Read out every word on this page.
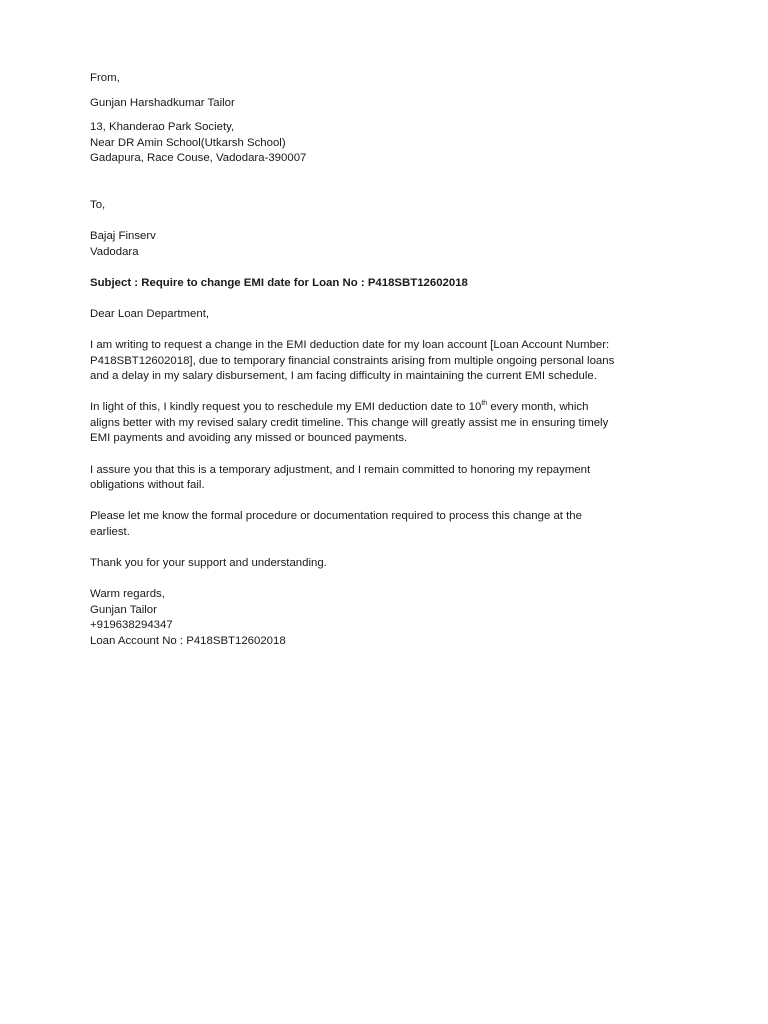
From,

Gunjan Harshadkumar Tailor

13, Khanderao Park Society,
Near DR Amin School(Utkarsh School)
Gadapura, Race Couse, Vadodara-390007

To,

Bajaj Finserv
Vadodara

Subject : Require to change EMI date for Loan No : P418SBT12602018

Dear Loan Department,

I am writing to request a change in the EMI deduction date for my loan account [Loan Account Number:
P418SBT12602018], due to temporary financial constraints arising from multiple ongoing personal loans
and a delay in my salary disbursement, I am facing difficulty in maintaining the current EMI schedule.

In light of this, I kindly request you to reschedule my EMI deduction date to 10th every month, which
aligns better with my revised salary credit timeline. This change will greatly assist me in ensuring timely
EMI payments and avoiding any missed or bounced payments.

I assure you that this is a temporary adjustment, and I remain committed to honoring my repayment
obligations without fail.

Please let me know the formal procedure or documentation required to process this change at the
earliest.

Thank you for your support and understanding.

Warm regards,
Gunjan Tailor
+919638294347
Loan Account No : P418SBT12602018
